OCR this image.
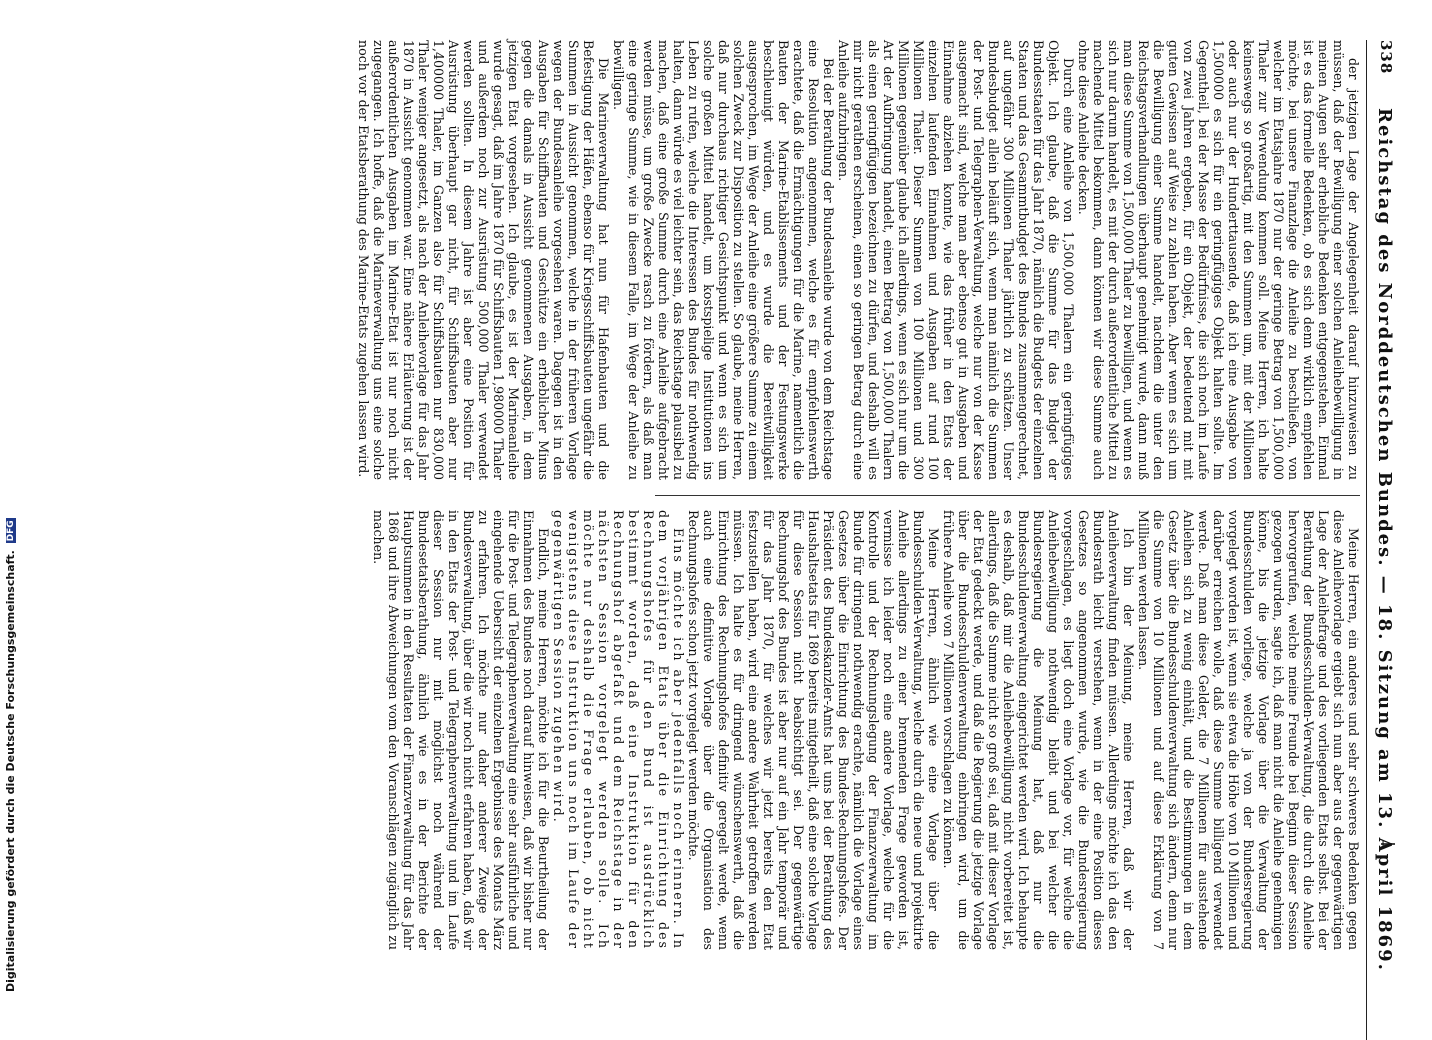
338
Reichstag des Norddeutschen Bundes. — 18. Sitzung am 13. April 1869.

der jetzigen Lage der Angelegenheit darauf hinzuweisen zu müssen, daß der Bewilligung einer solchen Anleihebewilligung in meinen Augen sehr erhebliche Bedenken entgegenstehen. Einmal ist es das formelle Bedenken, ob es sich denn wirklich empfehlen möchte, bei unsere Finanzlage die Anleihe zu beschließen, von welcher im Etatsjahre 1870 nur der geringe Betrag von 1,500,000 Thaler zur Verwendung kommen soll. Meine Herren, ich halte keineswegs so großartig, mit den Summen um, mit der Millionen oder auch nur der Hunderttausende, daß ich eine Ausgabe von 1,500000 es sich für ein geringfügiges Objekt halten sollte. Im Gegentheil, bei der Masse der Bedürfnisse, die sich noch im Laufe von zwei Jahren ergeben, für ein Objekt, der bedeutend mit mit guten Gewissen auf Weise zu zahlen haben. Aber wenn es sich um die Bewilligung einer Summe handelt, nachdem die unter den Reichstagsverhandlungen überhaupt genehmigt wurde, dann muß man diese Summe von 1,500,000 Thaler zu bewilligen, und wenn es sich nur darum handelt, es mit der durch außerordentliche Mittel zu machende Mittel bekommen, dann können wir diese Summe auch ohne diese Anleihe decken.

Durch eine Anleihe von 1,500,000 Thalern ein geringfügiges Objekt. Ich glaube, daß die Summe für das Budget der Bundesstaaten für das Jahr 1870, nämlich die Budgets der einzelnen Staaten und das Gesammtbudget des Bundes zusammengerechnet, auf ungefähr 300 Millionen Thaler jährlich zu schätzen. Unser Bundesbudget allein beläuft sich, wenn man nämlich die Summen der Post- und Telegraphen-Verwaltung, welche nur von der Kasse ausgemacht sind, welche man aber ebenso gut in Ausgaben und Einnahme abziehen konnte, wie das früher in den Etats der einzelnen laufenden Einnahmen und Ausgaben auf rund 100 Millionen Thaler. Dieser Summen von 100 Millionen und 300 Millionen gegenüber glaube ich allerdings, wenn es sich nur um die Art der Aufbringung handelt, einen Betrag von 1,500,000 Thalern als einen geringfügigen bezeichnen zu dürfen, und deshalb will es mir nicht gerathen erscheinen, einen so geringen Betrag durch eine Anleihe aufzubringen.

Bei der Berathung der Bundesanleihe wurde von dem Reichstage eine Resolution angenommen, welche es für empfehlenswerth erachtete, daß die Ermächtigungen für die Marine, namentlich die Bauten der Marine-Etablissements und der Festungswerke beschleunigt würden, und es wurde die Bereitwilligkeit ausgesprochen, im Wege der Anleihe eine größere Summe zu einem solchen Zweck zur Disposition zu stellen. So glaube, meine Herren, daß nur durchaus richtiger Gesichtspunkt und wenn es sich um solche großen Mittel handelt, um kostspielige Institutionen ins Leben zu rufen, welche die Interessen des Bundes für nothwendig halten, dann würde es viel leichter sein, das Reichstage plausibel zu machen, daß eine große Summe durch eine Anleihe aufgebracht werden müsse, um große Zwecke rasch zu fördern, als daß man eine geringe Summe, wie in diesem Falle, im Wege der Anleihe zu bewilligen.

Die Marineverwaltung hat nun für Hafenbauten und die Befestigung der Häfen, ebenso für Kriegsschiffsbauten ungefähr die Summen in Aussicht genommen, welche in der früheren Vorlage wegen der Bundesanleihe vorgesehen waren. Dagegen ist in den Ausgaben für Schiffbauten und Geschütze ein erheblicher Minus gegen die damals in Aussicht genommenen Ausgaben, in dem jetzigen Etat vorgesehen. Ich glaube, es ist der Marineanleihe wurde gesagt, daß im Jahre 1870 für Schiffsbauten 1,980000 Thaler und außerdem noch zur Ausrüstung 500,000 Thaler verwendet werden sollten. In diesem Jahre ist aber eine Position für Ausrüstung überhaupt gar nicht, für Schiffsbauten aber nur 1,400000 Thaler, im Ganzen also für Schiffsbauten nur 830,000 Thaler weniger angesetzt, als nach der Anleihevorlage für das Jahr 1870 in Aussicht genommen war. Eine nähere Erläuterung ist der außerordentlichen Ausgaben im Marine-Etat ist nur noch nicht zugegangen. Ich hoffe, daß die Marineverwaltung uns eine solche noch vor der Etatsberathung des Marine-Etats zugehen lassen wird.

Meine Herren, ein anderes und sehr schweres Bedenken gegen diese Anleihevorlage ergiebt sich nun aber aus der gegenwärtigen Lage der Anleihefrage und des vorliegenden Etats selbst. Bei der Berathung der Bundesschulden-Verwaltung, die durch die Anleihe hervorgerufen, welche meine Freunde bei Beginn dieser Session gezogen wurden, sagte ich, daß man nicht die Anleihe genehmigen könne, bis die jetzige Vorlage über die Verwaltung der Bundesschulden vorliege, welche ja von der Bundesregierung vorgelegt worden ist, wenn sie etwa die Höhe von 10 Millionen und darüber erreichen wolle, daß diese Summe billigend verwendet werde. Daß man diese Gelder, die 7 Millionen für ausstehende Anleihen sich zu wenig einhält, und die Bestimmungen in dem Gesetz über die Bundesschuldenverwaltung sich ändern, denn nur die Summe von 10 Millionen und auf diese Erklärung von 7 Millionen werden lassen.

Ich bin der Meinung, meine Herren, daß wir der Anleiheverwaltung finden müssen. Allerdings möchte ich das den Bundesrath leicht verstehen, wenn in der eine Position dieses Gesetzes so angenommen wurde, wie die Bundesregierung vorgeschlagen, es liegt doch eine Vorlage vor, für welche die Anleihebewilligung nothwendig bleibt und bei welcher die Bundesregierung die Meinung hat, daß nur die Bundesschuldenverwaltung eingerichtet werden wird. Ich behaupte es deshalb, daß mir die Anleihebewilligung nicht vorbereitet ist, allerdings, daß die Summe nicht so groß sei, daß mit dieser Vorlage der Etat gedeckt werde, und daß die Regierung die jetzige Vorlage über die Bundesschuldenverwaltung einbringen wird, um die frühere Anleihe von 7 Millionen vorschlagen zu können.

Meine Herren, ähnlich wie eine Vorlage über die Bundesschulden-Verwaltung, welche durch die neue und projektirte Anleihe allerdings zu einer brennenden Frage geworden ist, vermisse ich leider noch eine andere Vorlage, welche für die Kontrolle und der Rechnungslegung der Finanzverwaltung im Bunde für dringend nothwendig erachte, nämlich die Vorlage eines Gesetzes über die Einrichtung des Bundes-Rechnungshofes. Der Präsident des Bundeskanzler-Amts hat uns bei der Berathung des Haushaltsetats für 1869 bereits mitgetheilt, daß eine solche Vorlage für diese Session nicht beabsichtigt sei. Der gegenwärtige Rechnungshof des Bundes ist aber nur auf ein Jahr temporär und für das Jahr 1870, für welches wir jetzt bereits den Etat festzustellen haben, wird eine andere Wahrheit getroffen werden müssen. Ich halte es für dringend wünschenswerth, daß die Einrichtung des Rechnungshofes definitiv geregelt werde, wenn auch eine definitive Vorlage über die Organisation des Rechnungshofes schon jetzt vorgelegt werden möchte.

Eins möchte ich aber jedenfalls noch erinnern. In dem vorjährigen Etats über die Einrichtung des Rechnungshofes für den Bund ist ausdrücklich bestimmt worden, daß eine Instruktion für den Rechnungshof abgefaßt und dem Reichstage in der nächsten Session vorgelegt werden solle. Ich möchte nur deshalb die Frage erlauben, ob nicht wenigstens diese Instruktion uns noch im Laufe der gegenwärtigen Session zugehen wird.

Endlich, meine Herren, möchte ich für die Beurtheilung der Einnahmen des Bundes noch darauf hinweisen, daß wir bisher nur für die Post- und Telegraphenverwaltung eine sehr ausführliche und eingehende Uebersicht der einzelnen Ergebnisse des Monats März zu erfahren. Ich möchte nur daher anderer Zweige der Bundesverwaltung, über die wir noch nicht erfahren haben, daß wir in den Etats der Post- und Telegraphenverwaltung und im Laufe dieser Session nur mit möglichst noch während der Bundesetatsberathung, ähnlich wie es in der Berichte der Hauptsummen in den Resultaten der Finanzverwaltung für das Jahr 1868 und ihre Abweichungen vom den Voranschlägen zugänglich zu machen.

Digitalisierung gefördert durch die Deutsche Forschungsgemeinschaft. DFG
